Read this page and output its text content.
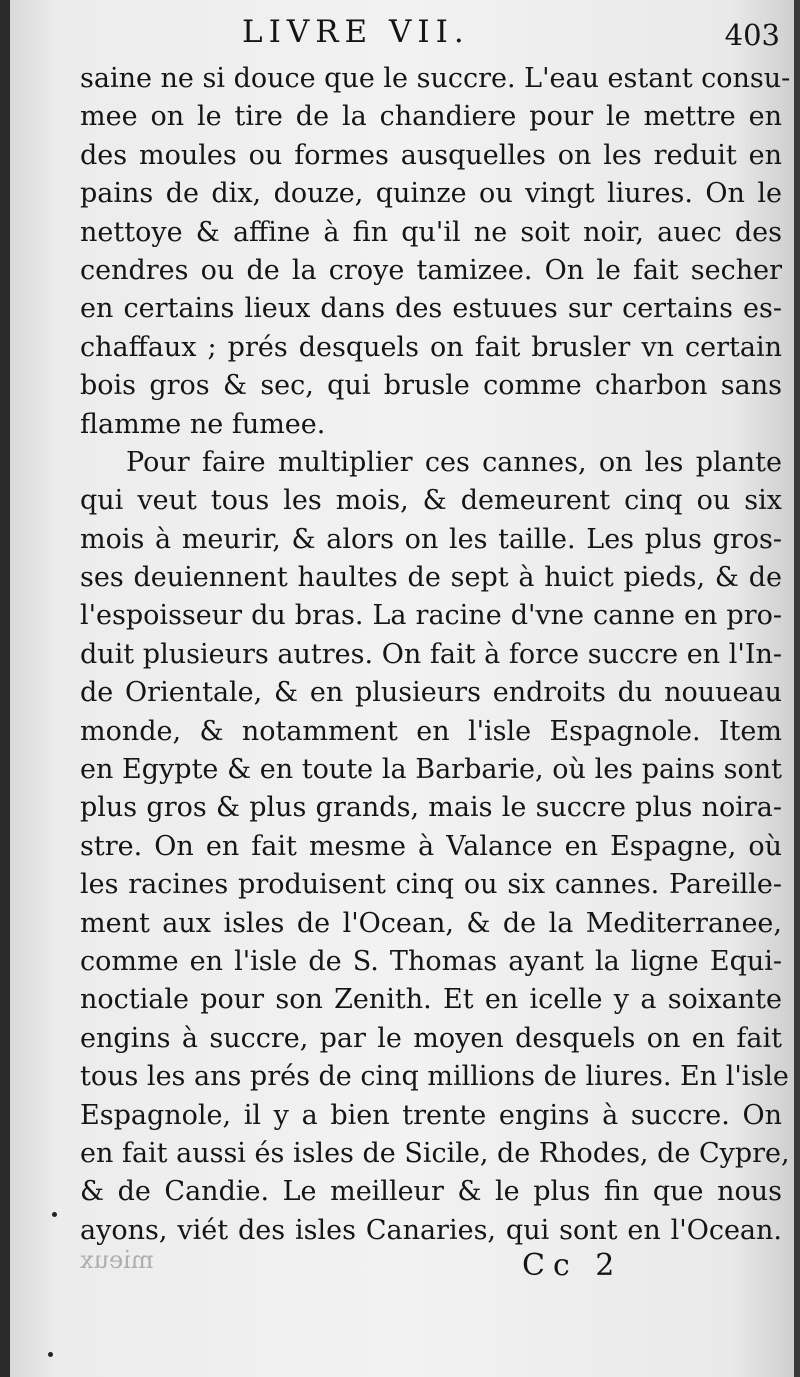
LIVRE VII.	403
saine ne si douce que le succre. L'eau estant consu-
mee on le tire de la chandiere pour le mettre en
des moules ou formes ausquelles on les reduit en
pains de dix, douze, quinze ou vingt liures. On le
nettoye & affine à fin qu'il ne soit noir, auec des
cendres ou de la croye tamizee. On le fait secher
en certains lieux dans des estuues sur certains es-
chaffaux ; prés desquels on fait brusler vn certain
bois gros & sec, qui brusle comme charbon sans
flamme ne fumee.
Pour faire multiplier ces cannes, on les plante
qui veut tous les mois, & demeurent cinq ou six
mois à meurir, & alors on les taille. Les plus gros-
ses deuiennent haultes de sept à huict pieds, & de
l'espoisseur du bras. La racine d'vne canne en pro-
duit plusieurs autres. On fait à force succre en l'In-
de Orientale, & en plusieurs endroits du nouueau
monde, & notamment en l'isle Espagnole. Item
en Egypte & en toute la Barbarie, où les pains sont
plus gros & plus grands, mais le succre plus noira-
stre. On en fait mesme à Valance en Espagne, où
les racines produisent cinq ou six cannes. Pareille-
ment aux isles de l'Ocean, & de la Mediterranee,
comme en l'isle de S. Thomas ayant la ligne Equi-
noctiale pour son Zenith. Et en icelle y a soixante
engins à succre, par le moyen desquels on en fait
tous les ans prés de cinq millions de liures. En l'isle
Espagnole, il y a bien trente engins à succre. On
en fait aussi és isles de Sicile, de Rhodes, de Cypre,
& de Candie. Le meilleur & le plus fin que nous
ayons, viét des isles Canaries, qui sont en l'Ocean.
mieux	Cc 2
